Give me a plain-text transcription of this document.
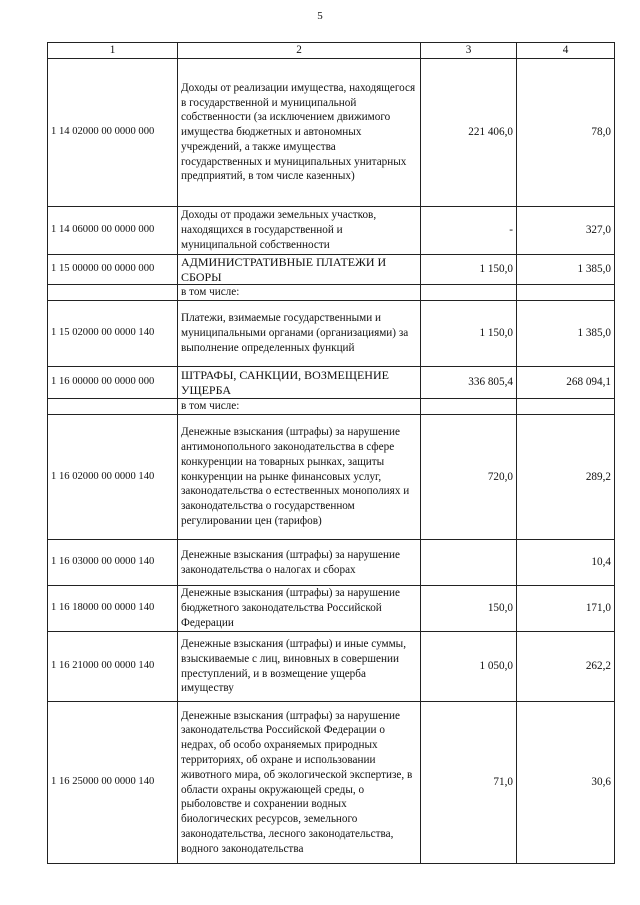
5
1	2	3	4
1 14 02000 00 0000 000	Доходы от реализации имущества, находящегося в государственной и муниципальной собственности (за исключением движимого имущества бюджетных и автономных учреждений, а также имущества государственных и муниципальных унитарных предприятий, в том числе казенных)	221 406,0	78,0
1 14 06000 00 0000 000	Доходы от продажи земельных участков, находящихся в государственной и муниципальной собственности	-	327,0
1 15 00000 00 0000 000	АДМИНИСТРАТИВНЫЕ ПЛАТЕЖИ И СБОРЫ	1 150,0	1 385,0
	в том числе:		
1 15 02000 00 0000 140	Платежи, взимаемые государственными и муниципальными органами (организациями) за выполнение определенных функций	1 150,0	1 385,0
1 16 00000 00 0000 000	ШТРАФЫ, САНКЦИИ, ВОЗМЕЩЕНИЕ УЩЕРБА	336 805,4	268 094,1
	в том числе:		
1 16 02000 00 0000 140	Денежные взыскания (штрафы) за нарушение антимонопольного законодательства в сфере конкуренции на товарных рынках, защиты конкуренции на рынке финансовых услуг, законодательства о естественных монополиях и законодательства о государственном регулировании цен (тарифов)	720,0	289,2
1 16 03000 00 0000 140	Денежные взыскания (штрафы) за нарушение законодательства о налогах и сборах		10,4
1 16 18000 00 0000 140	Денежные взыскания (штрафы) за нарушение бюджетного законодательства Российской Федерации	150,0	171,0
1 16 21000 00 0000 140	Денежные взыскания (штрафы) и иные суммы, взыскиваемые с лиц, виновных в совершении преступлений, и в возмещение ущерба имуществу	1 050,0	262,2
1 16 25000 00 0000 140	Денежные взыскания (штрафы) за нарушение законодательства Российской Федерации о недрах, об особо охраняемых природных территориях, об охране и использовании животного мира, об экологической экспертизе, в области охраны окружающей среды, о рыболовстве и сохранении водных биологических ресурсов, земельного законодательства, лесного законодательства, водного законодательства	71,0	30,6
